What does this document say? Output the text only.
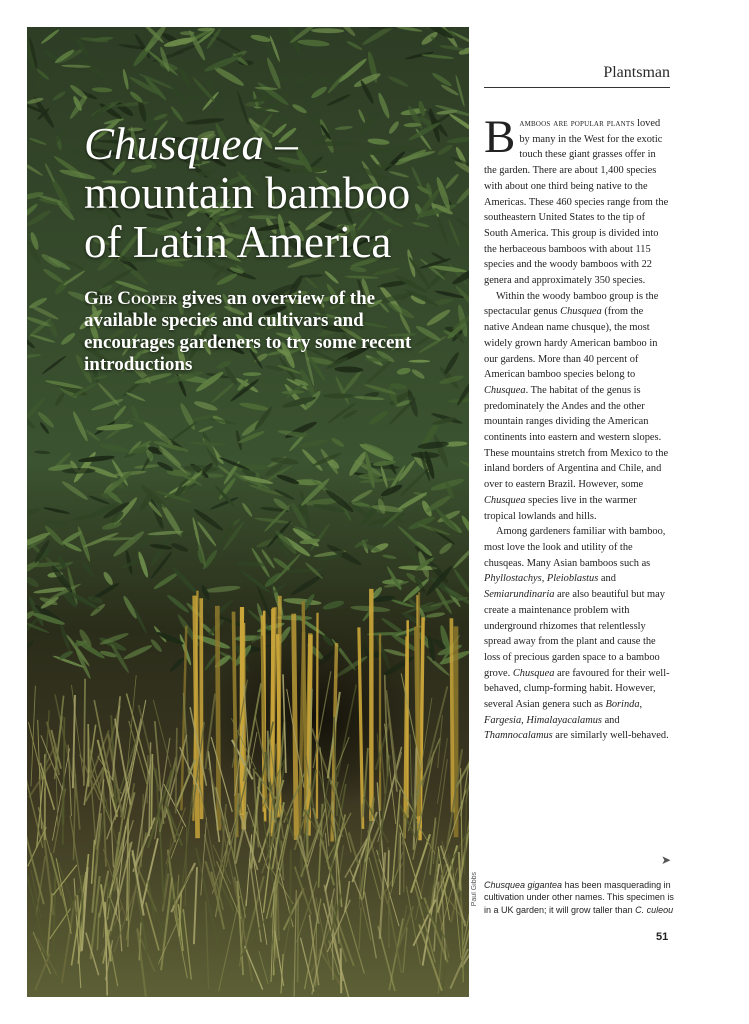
Chusquea –
mountain bamboo
of Latin America

Gib Cooper gives an overview of the available species and cultivars and encourages gardeners to try some recent introductions

Paul Gibbs
Plantsman

Bamboos are popular plants loved by many in the West for the exotic touch these giant grasses offer in the garden. There are about 1,400 species with about one third being native to the Americas. These 460 species range from the southeastern United States to the tip of South America. This group is divided into the herbaceous bamboos with about 115 species and the woody bamboos with 22 genera and approximately 350 species.

Within the woody bamboo group is the spectacular genus Chusquea (from the native Andean name chusque), the most widely grown hardy American bamboo in our gardens. More than 40 percent of American bamboo species belong to Chusquea. The habitat of the genus is predominately the Andes and the other mountain ranges dividing the American continents into eastern and western slopes. These mountains stretch from Mexico to the inland borders of Argentina and Chile, and over to eastern Brazil. However, some Chusquea species live in the warmer tropical lowlands and hills.

Among gardeners familiar with bamboo, most love the look and utility of the chusqeas. Many Asian bamboos such as Phyllostachys, Pleioblastus and Semiarundinaria are also beautiful but may create a maintenance problem with underground rhizomes that relentlessly spread away from the plant and cause the loss of precious garden space to a bamboo grove. Chusquea are favoured for their well-behaved, clump-forming habit. However, several Asian genera such as Borinda, Fargesia, Himalayacalamus and Thamnocalamus are similarly well-behaved.

➤

Chusquea gigantea has been masquerading in cultivation under other names. This specimen is in a UK garden; it will grow taller than C. culeou

51
